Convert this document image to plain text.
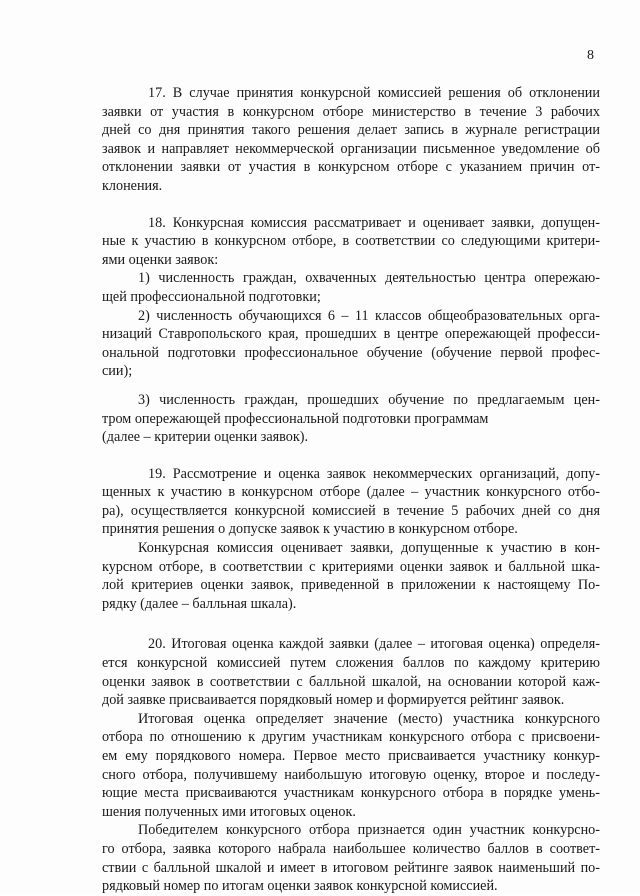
8
17. В случае принятия конкурсной комиссией решения об отклонении
заявки от участия в конкурсном отборе министерство в течение 3 рабочих
дней со дня принятия такого решения делает запись в журнале регистрации
заявок и направляет некоммерческой организации письменное уведомление об
отклонении заявки от участия в конкурсном отборе с указанием причин от-
клонения.
18. Конкурсная комиссия рассматривает и оценивает заявки, допущен-
ные к участию в конкурсном отборе, в соответствии со следующими критери-
ями оценки заявок:
1) численность граждан, охваченных деятельностью центра опережаю-
щей профессиональной подготовки;
2) численность обучающихся 6 – 11 классов общеобразовательных орга-
низаций Ставропольского края, прошедших в центре опережающей професси-
ональной подготовки профессиональное обучение (обучение первой профес-
сии);
3) численность граждан, прошедших обучение по предлагаемым цен-
тром опережающей профессиональной подготовки программам
(далее – критерии оценки заявок).
19. Рассмотрение и оценка заявок некоммерческих организаций, допу-
щенных к участию в конкурсном отборе (далее – участник конкурсного отбо-
ра), осуществляется конкурсной комиссией в течение 5 рабочих дней со дня
принятия решения о допуске заявок к участию в конкурсном отборе.
Конкурсная комиссия оценивает заявки, допущенные к участию в кон-
курсном отборе, в соответствии с критериями оценки заявок и балльной шка-
лой критериев оценки заявок, приведенной в приложении к настоящему По-
рядку (далее – балльная шкала).
20. Итоговая оценка каждой заявки (далее – итоговая оценка) определя-
ется конкурсной комиссией путем сложения баллов по каждому критерию
оценки заявок в соответствии с балльной шкалой, на основании которой каж-
дой заявке присваивается порядковый номер и формируется рейтинг заявок.
Итоговая оценка определяет значение (место) участника конкурсного
отбора по отношению к другим участникам конкурсного отбора с присвоени-
ем ему порядкового номера. Первое место присваивается участнику конкур-
сного отбора, получившему наибольшую итоговую оценку, второе и последу-
ющие места присваиваются участникам конкурсного отбора в порядке умень-
шения полученных ими итоговых оценок.
Победителем конкурсного отбора признается один участник конкурсно-
го отбора, заявка которого набрала наибольшее количество баллов в соответ-
ствии с балльной шкалой и имеет в итоговом рейтинге заявок наименьший по-
рядковый номер по итогам оценки заявок конкурсной комиссией.
